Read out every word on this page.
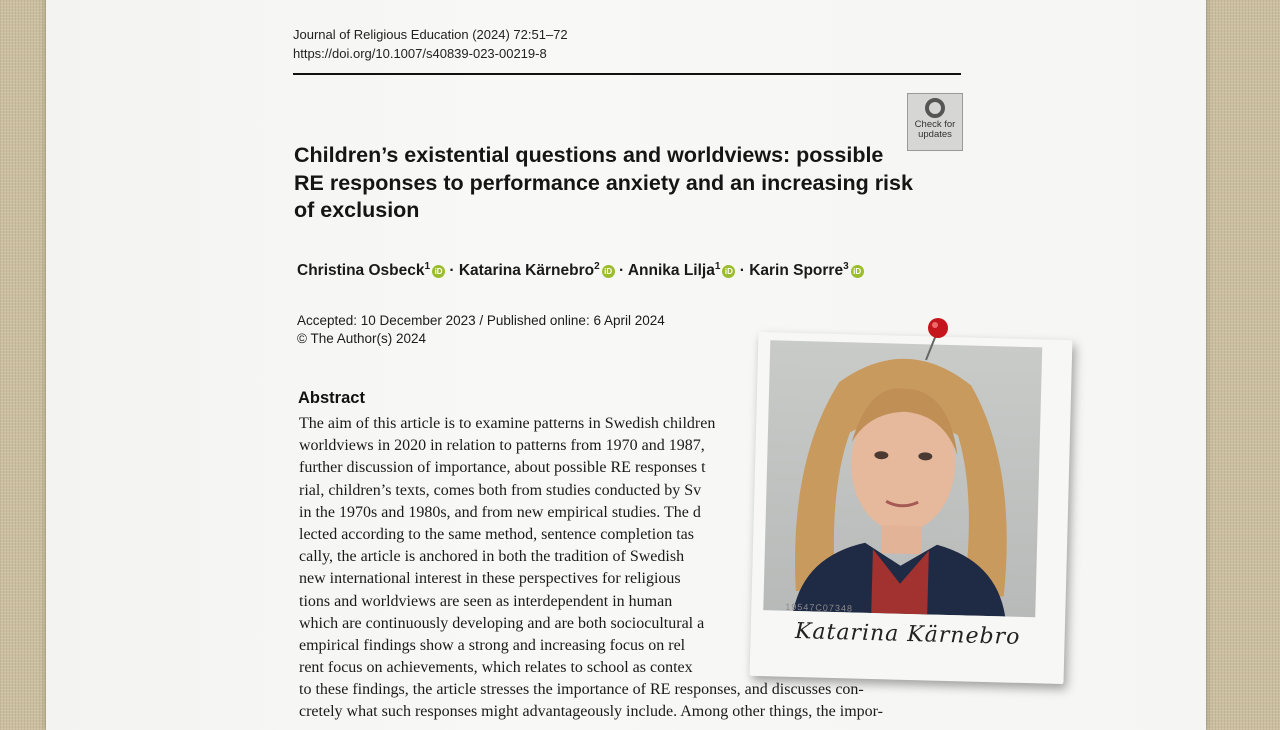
Journal of Religious Education (2024) 72:51–72
https://doi.org/10.1007/s40839-023-00219-8
Check for
updates
Children’s existential questions and worldviews: possible RE responses to performance anxiety and an increasing risk of exclusion
Christina Osbeck$^1$ iD · Katarina Kärnebro$^2$ iD · Annika Lilja$^1$ iD · Karin Sporre$^3$ iD
Accepted: 10 December 2023 / Published online: 6 April 2024
© The Author(s) 2024
Abstract
The aim of this article is to examine patterns in Swedish children
worldviews in 2020 in relation to patterns from 1970 and 1987,
further discussion of importance, about possible RE responses t
rial, children’s texts, comes both from studies conducted by Sv
in the 1970s and 1980s, and from new empirical studies. The d
lected according to the same method, sentence completion tas
cally, the article is anchored in both the tradition of Swedish
new international interest in these perspectives for religious
tions and worldviews are seen as interdependent in human
which are continuously developing and are both sociocultural a
empirical findings show a strong and increasing focus on rel
rent focus on achievements, which relates to school as contex
to these findings, the article stresses the importance of RE responses, and discusses con-
cretely what such responses might advantageously include. Among other things, the impor-
19547C07348
Katarina Kärnebro
